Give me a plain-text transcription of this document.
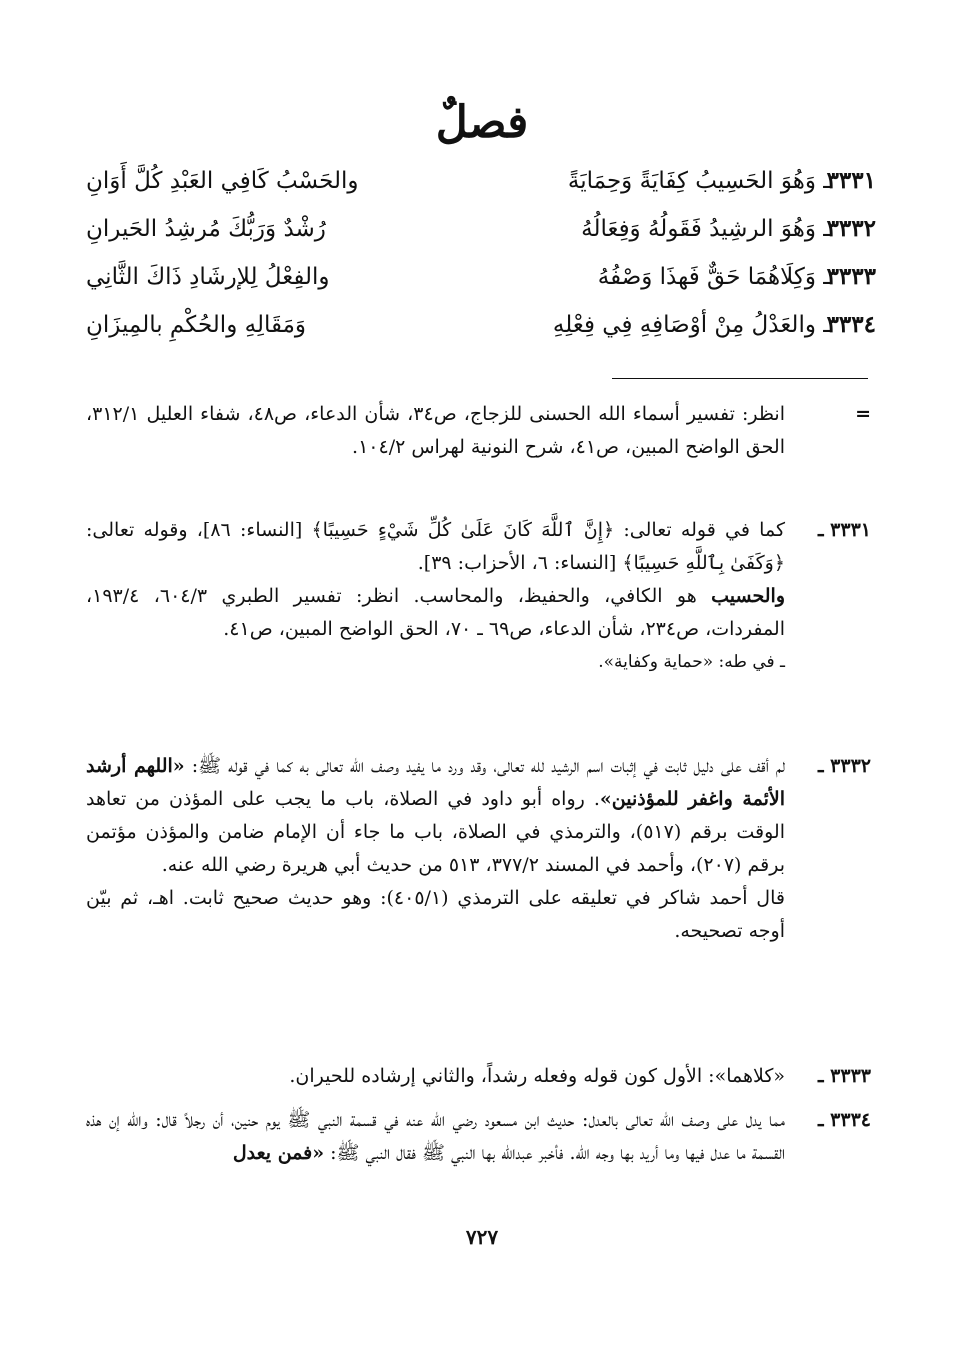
فصلٌ
٣٣٣١
ـ وَهُوَ الحَسِيبُ كِفَايَةً وَحِمَايَةً
والحَسْبُ كَافِي العَبْدِ كُلَّ أَوَانِ
٣٣٣٢
ـ وَهُوَ الرشِيدُ فَقَولُهُ وَفِعَالُهُ
رُشْدٌ وَرَبُّكَ مُرشِدُ الحَيرانِ
٣٣٣٣
ـ وَكِلَاهُمَا حَقٌّ فَهذَا وَصْفُهُ
والفِعْلُ لِلإرشَادِ ذَاكَ الثَّانِي
٣٣٣٤
ـ والعَدْلُ مِنْ أوْصَافِهِ فِي فِعْلِهِ
وَمَقَالِهِ والحُكْمِ بالمِيزَانِ
=

انظر: تفسير أسماء الله الحسنى للزجاج، ص٣٤، شأن الدعاء، ص٤٨، شفاء العليل ٣١٢/١، الحق الواضح المبين، ص٤١، شرح النونية لهراس ١٠٤/٢.

٣٣٣١ ـ

كما في قوله تعالى: ﴿إِنَّ ٱللَّهَ كَانَ عَلَىٰ كُلِّ شَيْءٍ حَسِيبًا﴾ [النساء: ٨٦]، وقوله تعالى: ﴿وَكَفَىٰ بِٱللَّهِ حَسِيبًا﴾ [النساء: ٦، الأحزاب: ٣٩].

والحسيب هو الكافي، والحفيظ، والمحاسب. انظر: تفسير الطبري ٦٠٤/٣، ١٩٣/٤، المفردات، ص٢٣٤، شأن الدعاء، ص٦٩ ـ ٧٠، الحق الواضح المبين، ص٤١.

ـ في طه: «حماية وكفاية».

٣٣٣٢ ـ

لم أقف على دليل ثابت في إثبات اسم الرشيد لله تعالى، وقد ورد ما يفيد وصف الله تعالى به كما في قوله ﷺ: «اللهم أرشد الأئمة واغفر للمؤذنين». رواه أبو داود في الصلاة، باب ما يجب على المؤذن من تعاهد الوقت برقم (٥١٧)، والترمذي في الصلاة، باب ما جاء أن الإمام ضامن والمؤذن مؤتمن برقم (٢٠٧)، وأحمد في المسند ٣٧٧/٢، ٥١٣ من حديث أبي هريرة رضي الله عنه.

قال أحمد شاكر في تعليقه على الترمذي (٤٠٥/١): وهو حديث صحيح ثابت. اهـ، ثم بيّن أوجه تصحيحه.

٣٣٣٣ ـ

«كلاهما»: الأول كون قوله وفعله رشداً، والثاني إرشاده للحيران.

٣٣٣٤ ـ

مما يدل على وصف الله تعالى بالعدل: حديث ابن مسعود رضي الله عنه في قسمة النبي ﷺ يوم حنين، أن رجلاً قال: والله إن هذه القسمة ما عدل فيها وما أريد بها وجه الله. فأخبر عبدالله بها النبي ﷺ فقال النبي ﷺ: «فمن يعدل

٧٢٧
